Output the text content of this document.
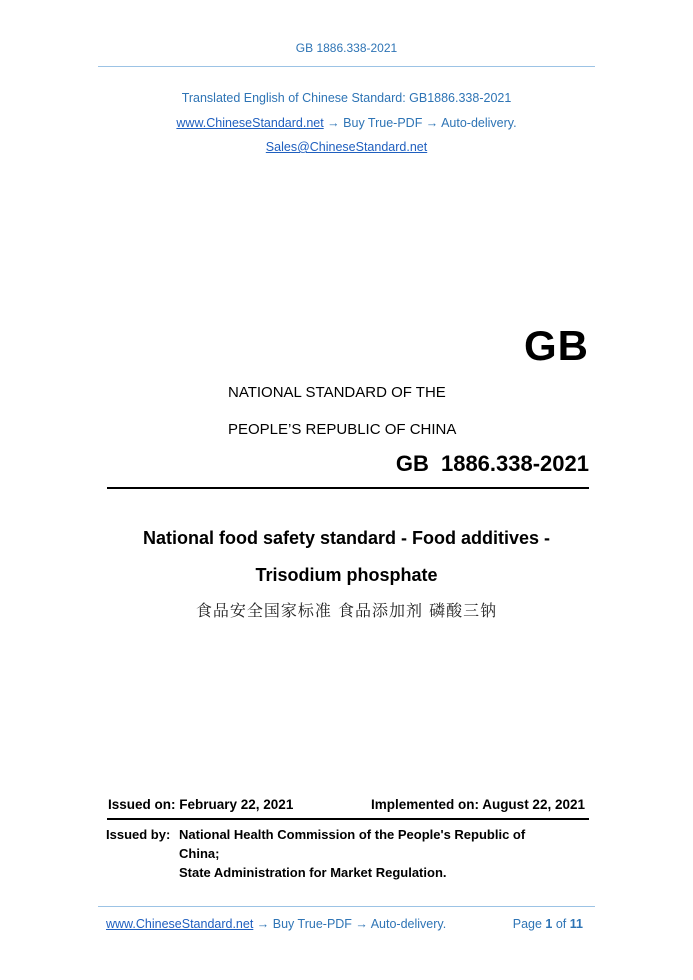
GB 1886.338-2021
Translated English of Chinese Standard: GB1886.338-2021
www.ChineseStandard.net → Buy True-PDF → Auto-delivery.
Sales@ChineseStandard.net
GB
NATIONAL STANDARD OF THE
PEOPLE’S REPUBLIC OF CHINA
GB 1886.338-2021
National food safety standard - Food additives -
Trisodium phosphate
食品安全国家标准 食品添加剂 磷酸三钠
Issued on: February 22, 2021	Implemented on: August 22, 2021
Issued by: National Health Commission of the People's Republic of
China;
State Administration for Market Regulation.
www.ChineseStandard.net → Buy True-PDF → Auto-delivery.	Page 1 of 11
